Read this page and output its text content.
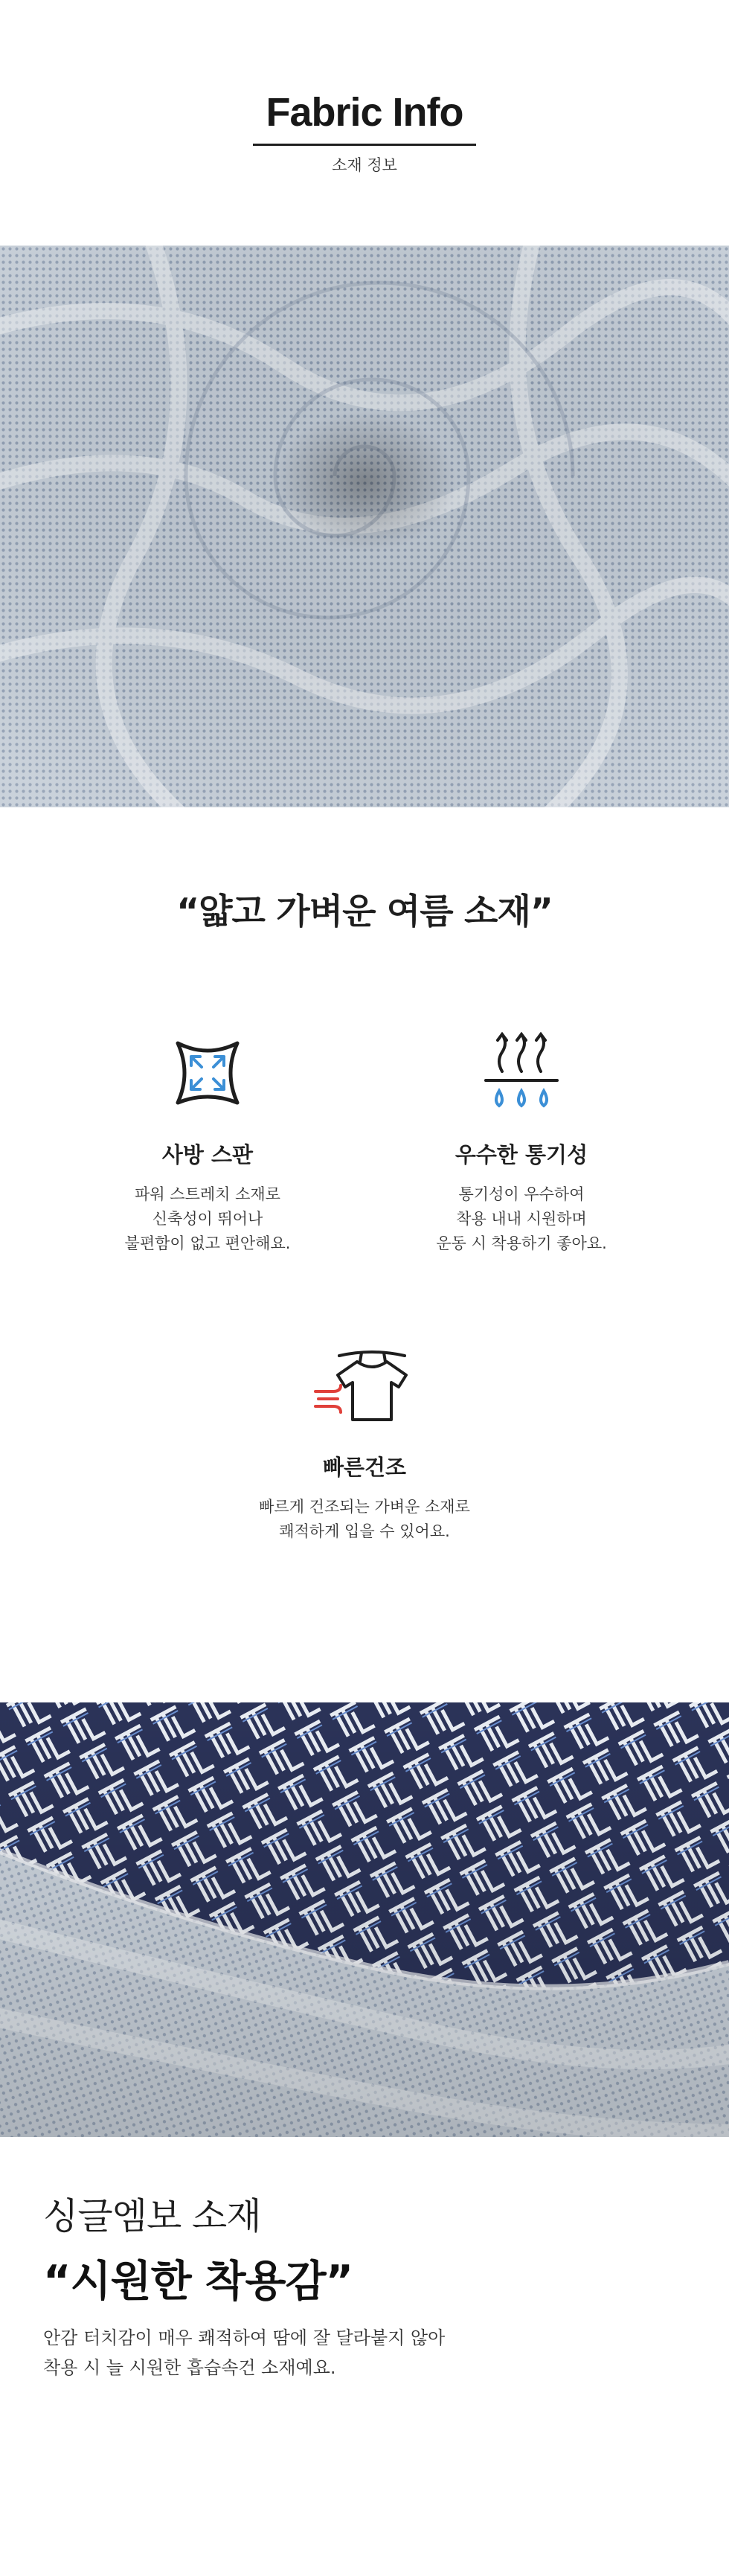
Fabric Info
소재 정보
“얇고 가벼운 여름 소재”
사방 스판
파워 스트레치 소재로
신축성이 뛰어나
불편함이 없고 편안해요.
우수한 통기성
통기성이 우수하여
착용 내내 시원하며
운동 시 착용하기 좋아요.
빠른건조
빠르게 건조되는 가벼운 소재로
쾌적하게 입을 수 있어요.
싱글엠보 소재
“시원한 착용감”
안감 터치감이 매우 쾌적하여 땀에 잘 달라붙지 않아
착용 시 늘 시원한 흡습속건 소재예요.
